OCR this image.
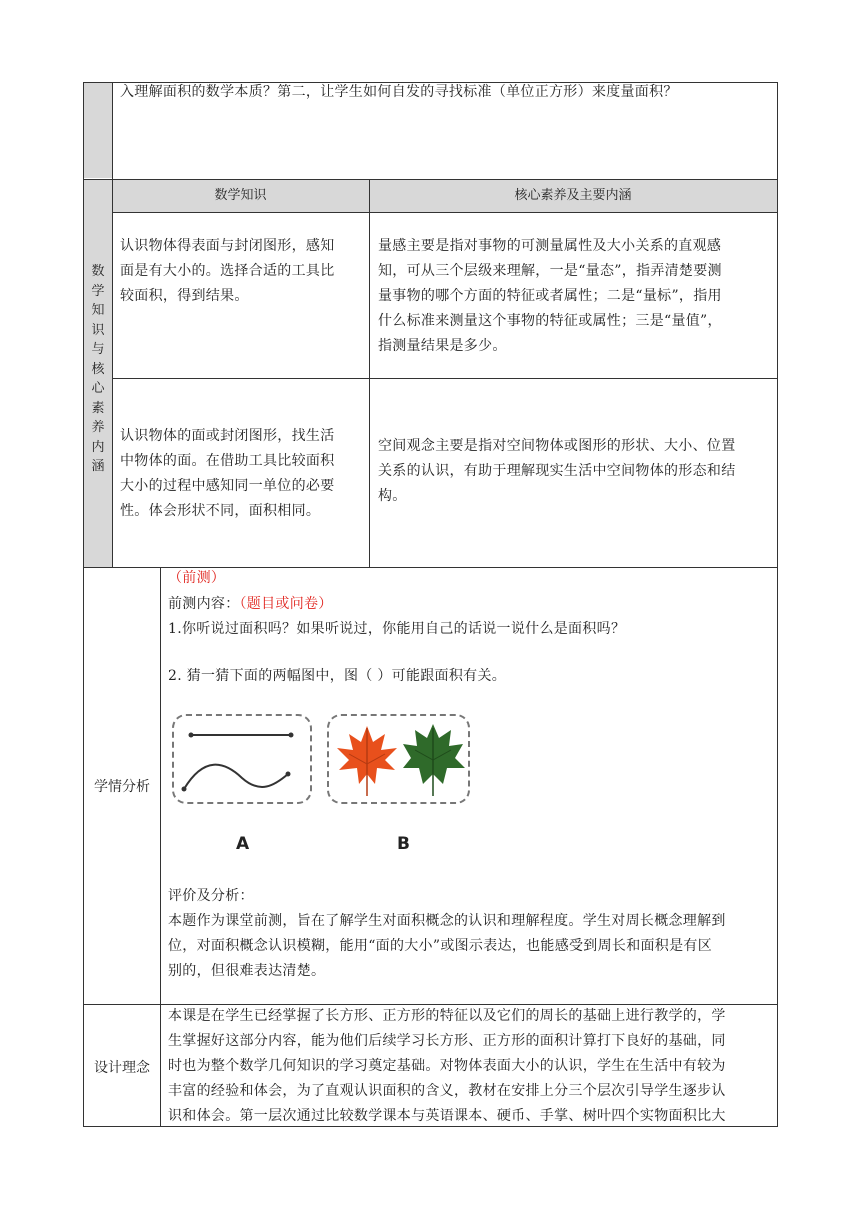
入理解面积的数学本质？第二，让学生如何自发的寻找标准（单位正方形）来度量面积？
数
学
知
识
与
核
心
素
养
内
涵
数学知识	核心素养及主要内涵
认识物体得表面与封闭图形，感知
面是有大小的。选择合适的工具比
较面积，得到结果。
量感主要是指对事物的可测量属性及大小关系的直观感
知，可从三个层级来理解，一是“量态”，指弄清楚要测
量事物的哪个方面的特征或者属性；二是“量标”，指用
什么标准来测量这个事物的特征或属性；三是“量值”，
指测量结果是多少。
认识物体的面或封闭图形，找生活
中物体的面。在借助工具比较面积
大小的过程中感知同一单位的必要
性。体会形状不同，面积相同。
空间观念主要是指对空间物体或图形的形状、大小、位置
关系的认识，有助于理解现实生活中空间物体的形态和结
构。
学情分析
（前测）
前测内容：（题目或问卷）
1.你听说过面积吗？如果听说过，你能用自己的话说一说什么是面积吗？
2. 猜一猜下面的两幅图中，图（ ）可能跟面积有关。
A	B
评价及分析：
本题作为课堂前测，旨在了解学生对面积概念的认识和理解程度。学生对周长概念理解到
位，对面积概念认识模糊，能用“面的大小”或图示表达，也能感受到周长和面积是有区
别的，但很难表达清楚。
设计理念
本课是在学生已经掌握了长方形、正方形的特征以及它们的周长的基础上进行教学的，学
生掌握好这部分内容，能为他们后续学习长方形、正方形的面积计算打下良好的基础，同
时也为整个数学几何知识的学习奠定基础。对物体表面大小的认识，学生在生活中有较为
丰富的经验和体会，为了直观认识面积的含义，教材在安排上分三个层次引导学生逐步认
识和体会。第一层次通过比较数学课本与英语课本、硬币、手掌、树叶四个实物面积比大
